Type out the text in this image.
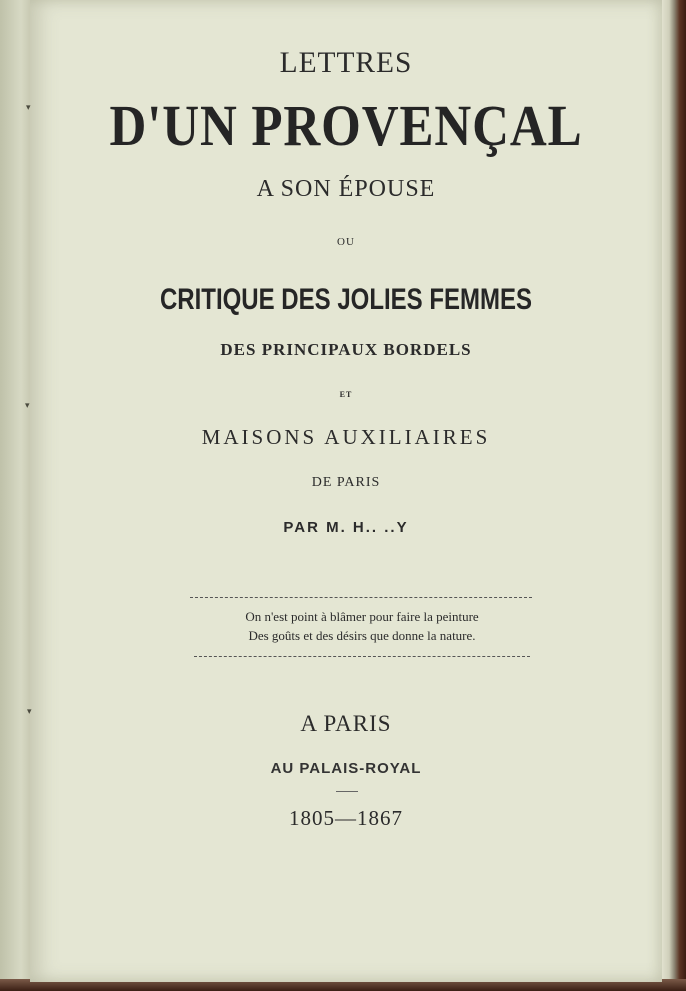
LETTRES
D'UN PROVENÇAL
A SON ÉPOUSE
OU
CRITIQUE DES JOLIES FEMMES
DES PRINCIPAUX BORDELS
ET
MAISONS AUXILIAIRES
DE PARIS
PAR M. H.. ..Y
On n'est point à blâmer pour faire la peinture
Des goûts et des désirs que donne la nature.
A PARIS
AU PALAIS-ROYAL
1805—1867
▾
▾
▾
